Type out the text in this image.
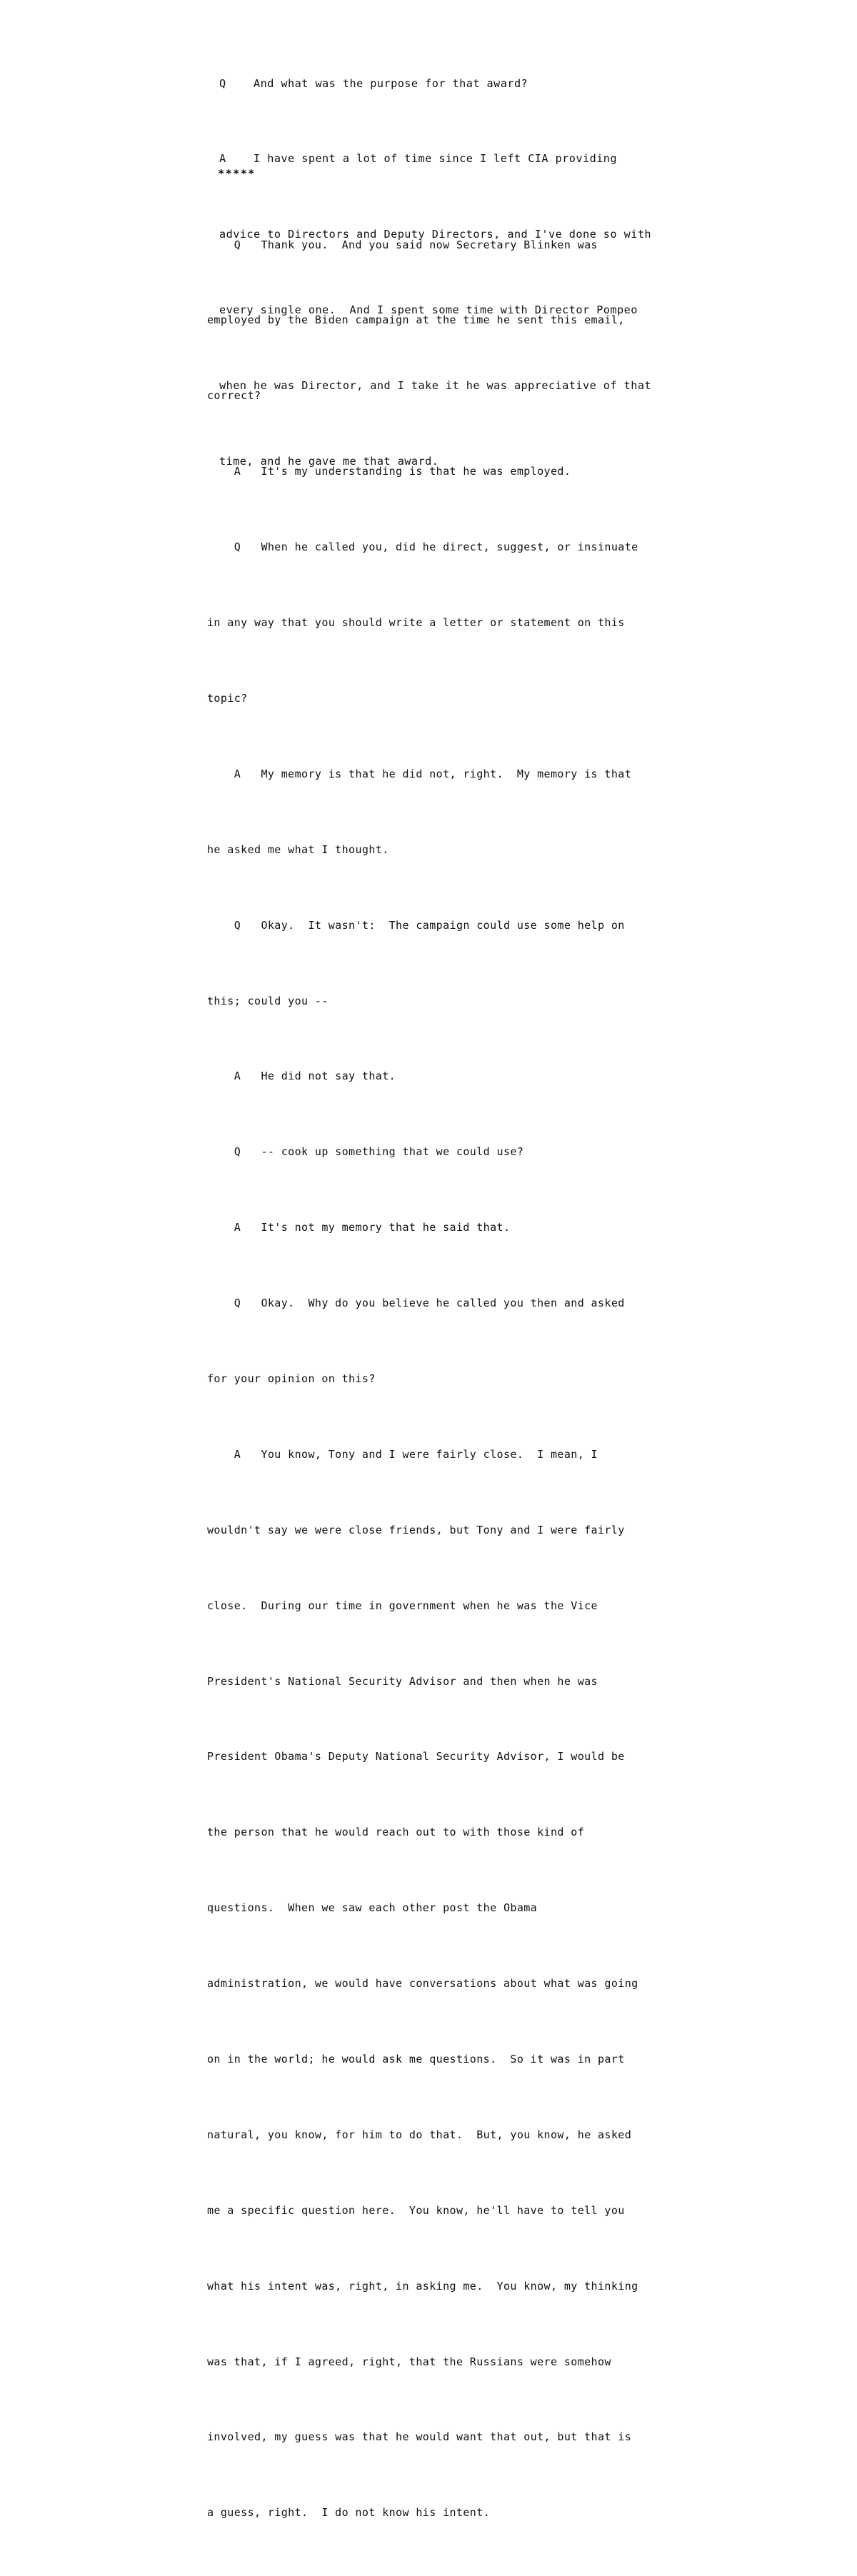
Q    And what was the purpose for that award?

A    I have spent a lot of time since I left CIA providing

advice to Directors and Deputy Directors, and I've done so with

every single one.  And I spent some time with Director Pompeo

when he was Director, and I take it he was appreciative of that

time, and he gave me that award.

*****

Q   Thank you.  And you said now Secretary Blinken was

employed by the Biden campaign at the time he sent this email,

correct?

A   It's my understanding is that he was employed.

Q   When he called you, did he direct, suggest, or insinuate

in any way that you should write a letter or statement on this

topic?

A   My memory is that he did not, right.  My memory is that

he asked me what I thought.

Q   Okay.  It wasn't:  The campaign could use some help on

this; could you --

A   He did not say that.

Q   -- cook up something that we could use?

A   It's not my memory that he said that.

Q   Okay.  Why do you believe he called you then and asked

for your opinion on this?

A   You know, Tony and I were fairly close.  I mean, I

wouldn't say we were close friends, but Tony and I were fairly

close.  During our time in government when he was the Vice

President's National Security Advisor and then when he was

President Obama's Deputy National Security Advisor, I would be

the person that he would reach out to with those kind of

questions.  When we saw each other post the Obama

administration, we would have conversations about what was going

on in the world; he would ask me questions.  So it was in part

natural, you know, for him to do that.  But, you know, he asked

me a specific question here.  You know, he'll have to tell you

what his intent was, right, in asking me.  You know, my thinking

was that, if I agreed, right, that the Russians were somehow

involved, my guess was that he would want that out, but that is

a guess, right.  I do not know his intent.
